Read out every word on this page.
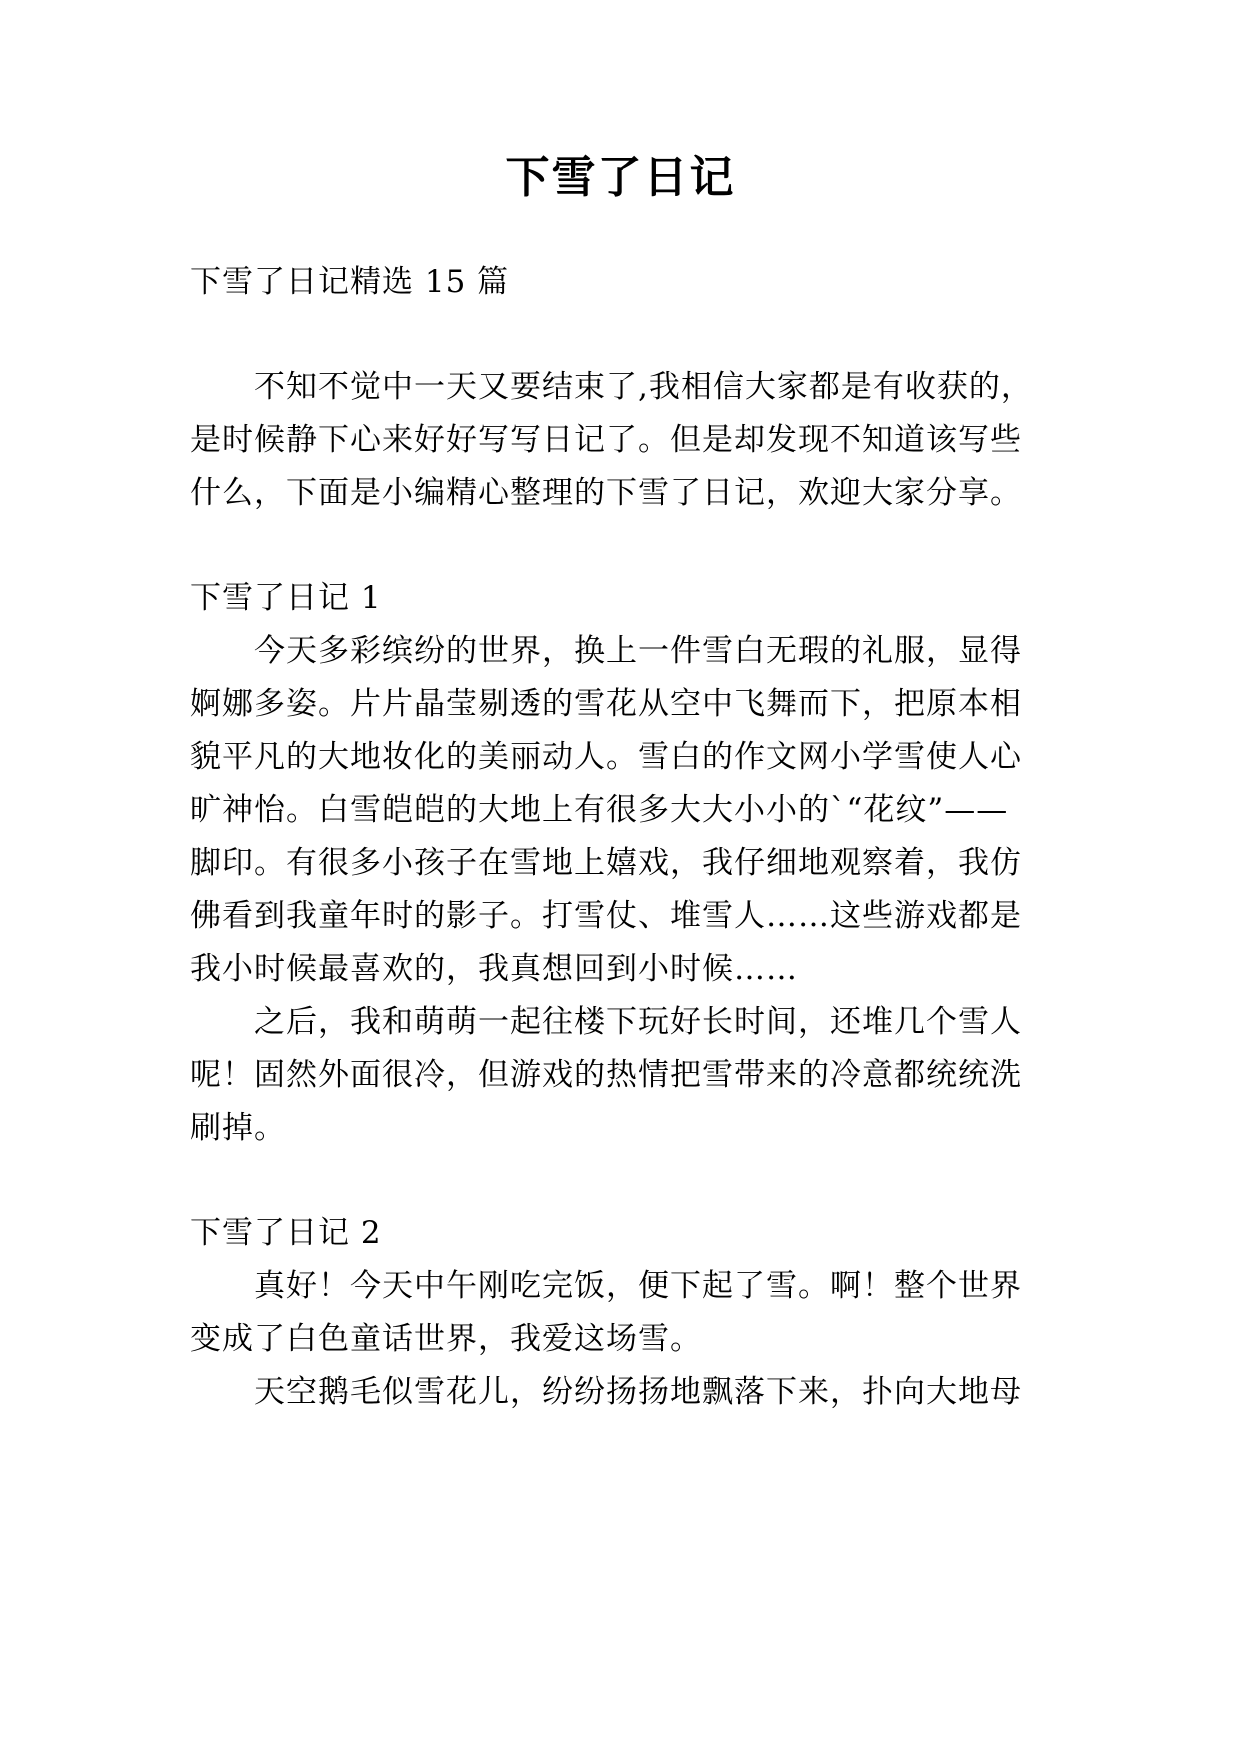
下雪了日记

下雪了日记精选 15 篇

不知不觉中一天又要结束了,我相信大家都是有收获的，

是时候静下心来好好写写日记了。但是却发现不知道该写些

什么，下面是小编精心整理的下雪了日记，欢迎大家分享。

下雪了日记 1

今天多彩缤纷的世界，换上一件雪白无瑕的礼服，显得

婀娜多姿。片片晶莹剔透的雪花从空中飞舞而下，把原本相

貌平凡的大地妆化的美丽动人。雪白的作文网小学雪使人心

旷神怡。白雪皑皑的大地上有很多大大小小的`“花纹”——

脚印。有很多小孩子在雪地上嬉戏，我仔细地观察着，我仿

佛看到我童年时的影子。打雪仗、堆雪人……这些游戏都是

我小时候最喜欢的，我真想回到小时候……

之后，我和萌萌一起往楼下玩好长时间，还堆几个雪人

呢！固然外面很冷，但游戏的热情把雪带来的冷意都统统洗

刷掉。

下雪了日记 2

真好！今天中午刚吃完饭，便下起了雪。啊！整个世界

变成了白色童话世界，我爱这场雪。

天空鹅毛似雪花儿，纷纷扬扬地飘落下来，扑向大地母
